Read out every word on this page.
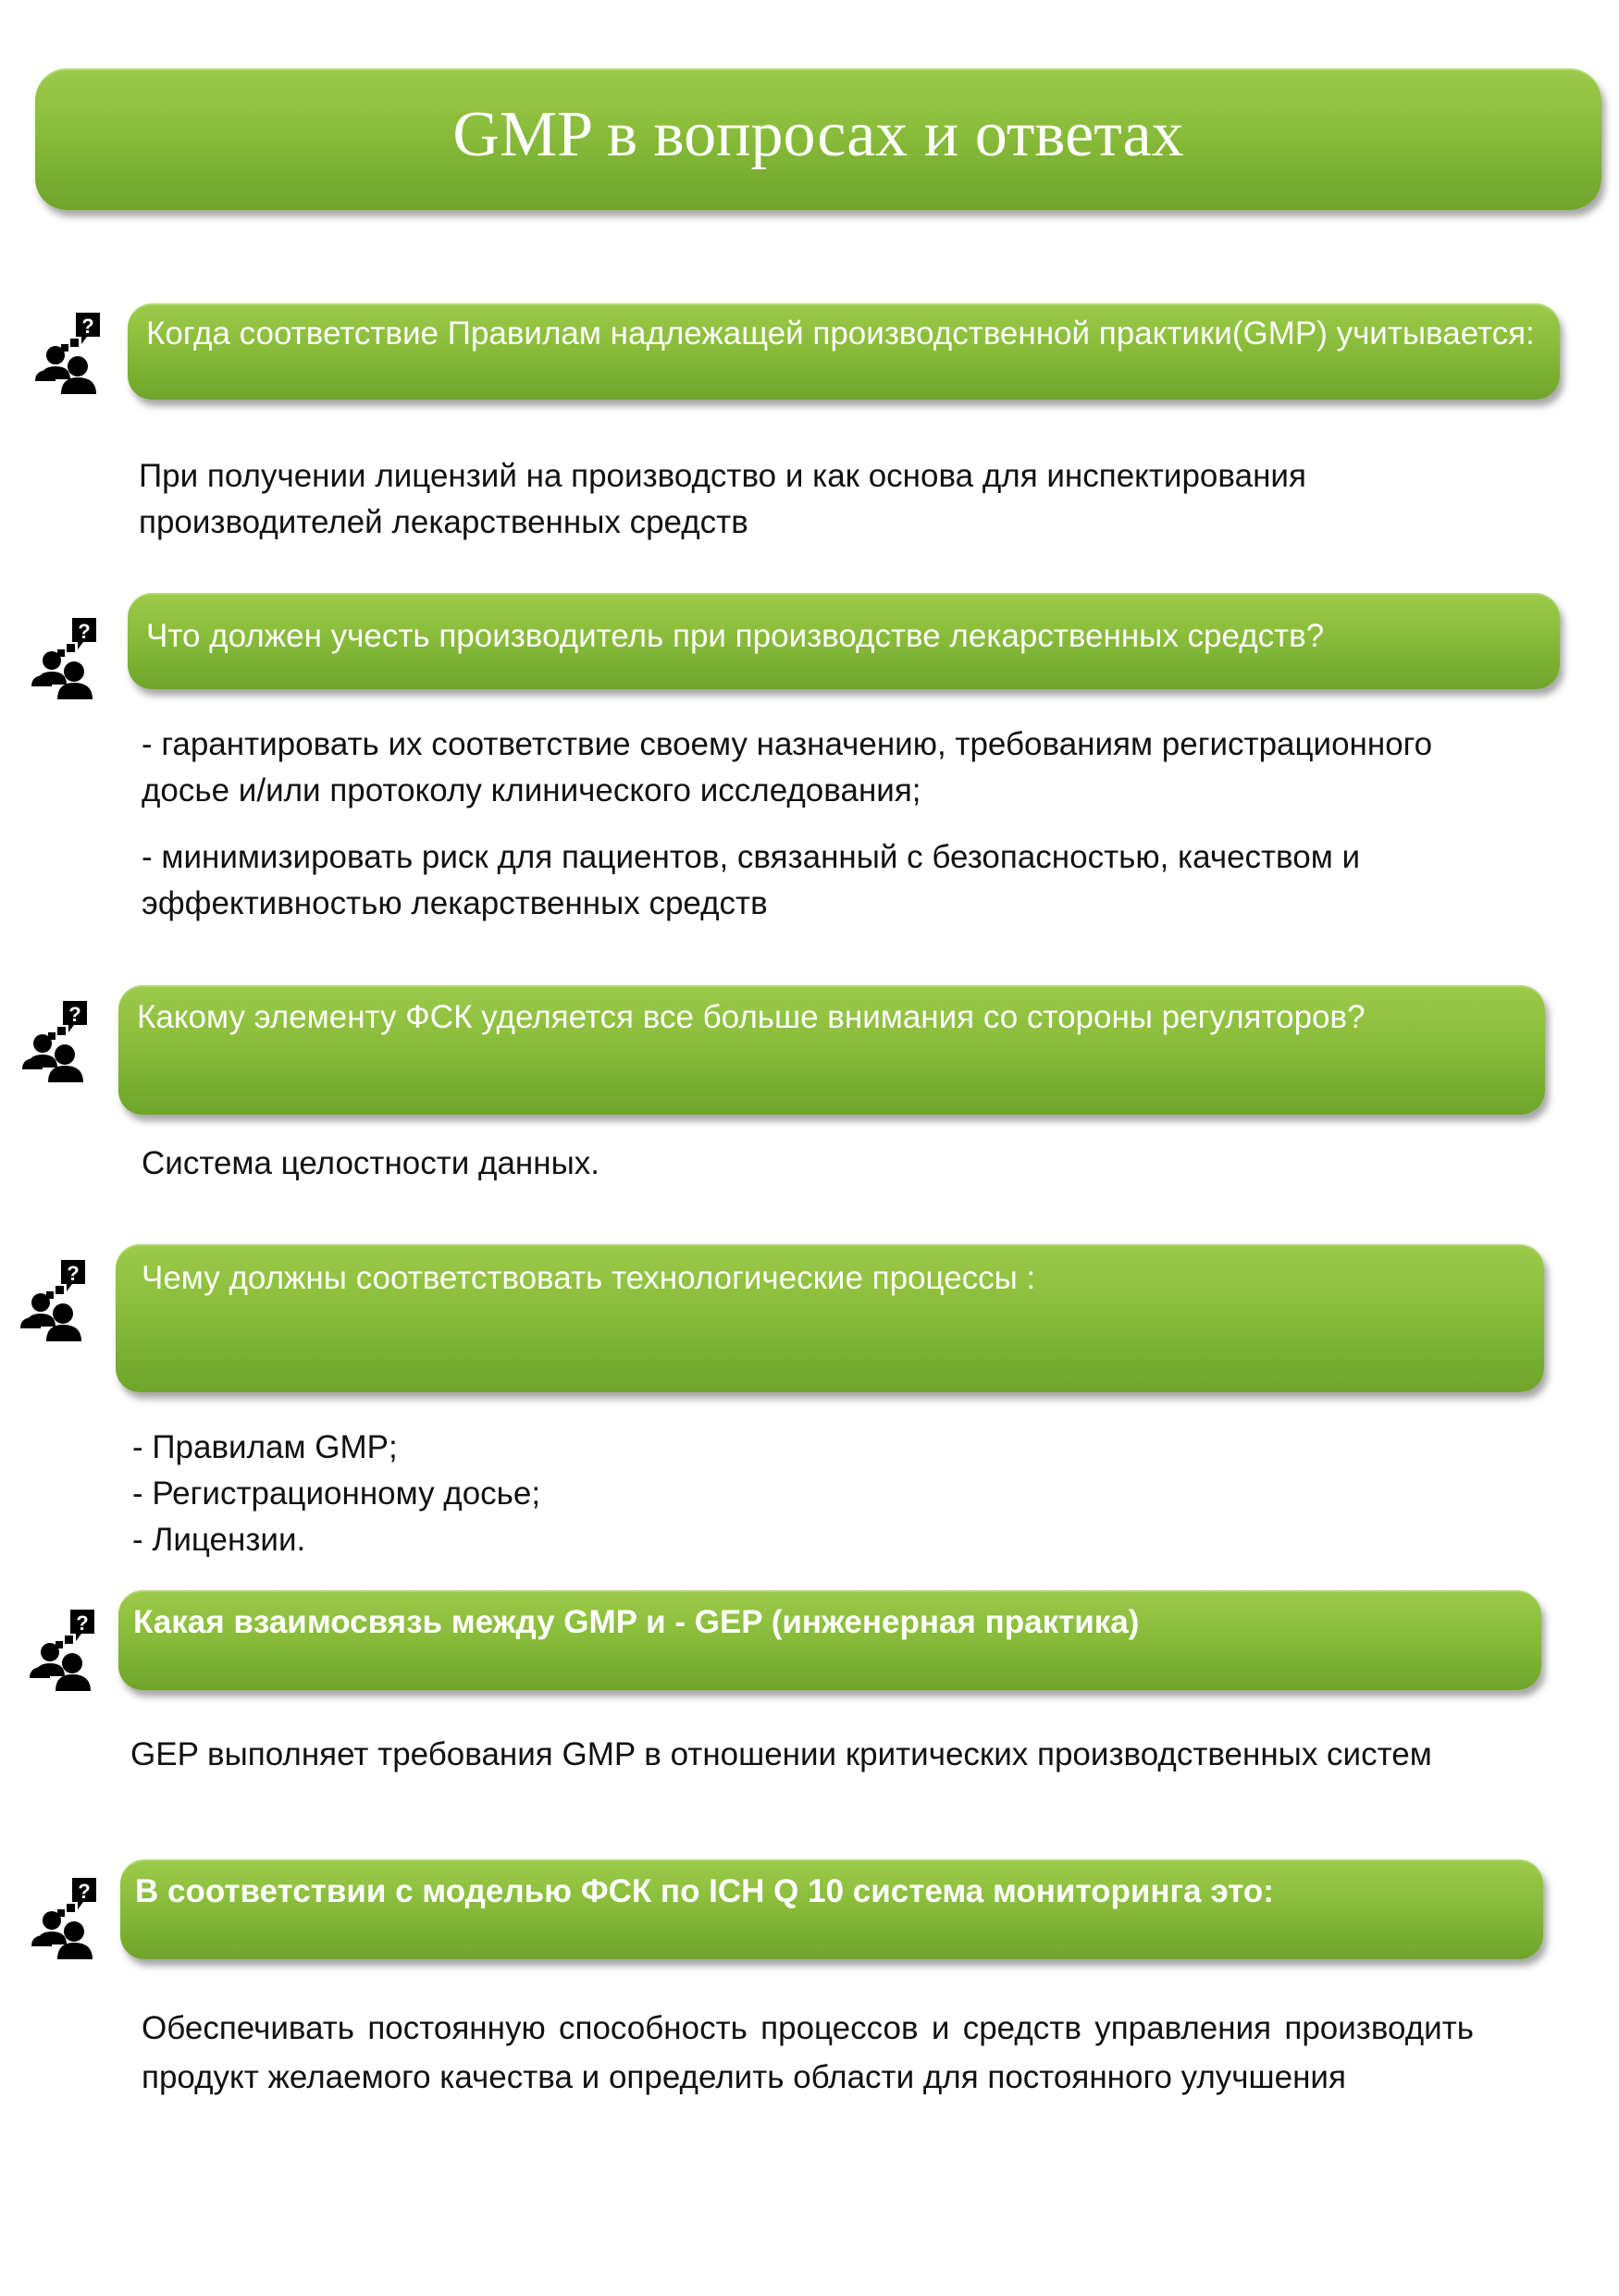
GMP в вопросах и ответах
Когда соответствие Правилам надлежащей производственной практики(GMP) учитывается:

При получении лицензий на производство и как основа для инспектирования производителей лекарственных средств

Что должен учесть производитель при производстве лекарственных средств?

- гарантировать их соответствие своему назначению, требованиям регистрационного досье и/или протоколу клинического исследования;

- минимизировать риск для пациентов, связанный с безопасностью, качеством и эффективностью лекарственных средств

Какому элементу ФСК уделяется все больше внимания со стороны регуляторов?

Система целостности данных.

Чему должны соответствовать технологические процессы :

- Правилам GMP;

- Регистрационному досье;

- Лицензии.

Какая взаимосвязь между GMP и - GEP (инженерная практика)

GEP выполняет требования GMP в отношении критических производственных систем

В соответствии с моделью ФСК по ICH Q 10 система мониторинга это:

Обеспечивать постоянную способность процессов и средств управления производить продукт желаемого качества и определить области для постоянного улучшения
